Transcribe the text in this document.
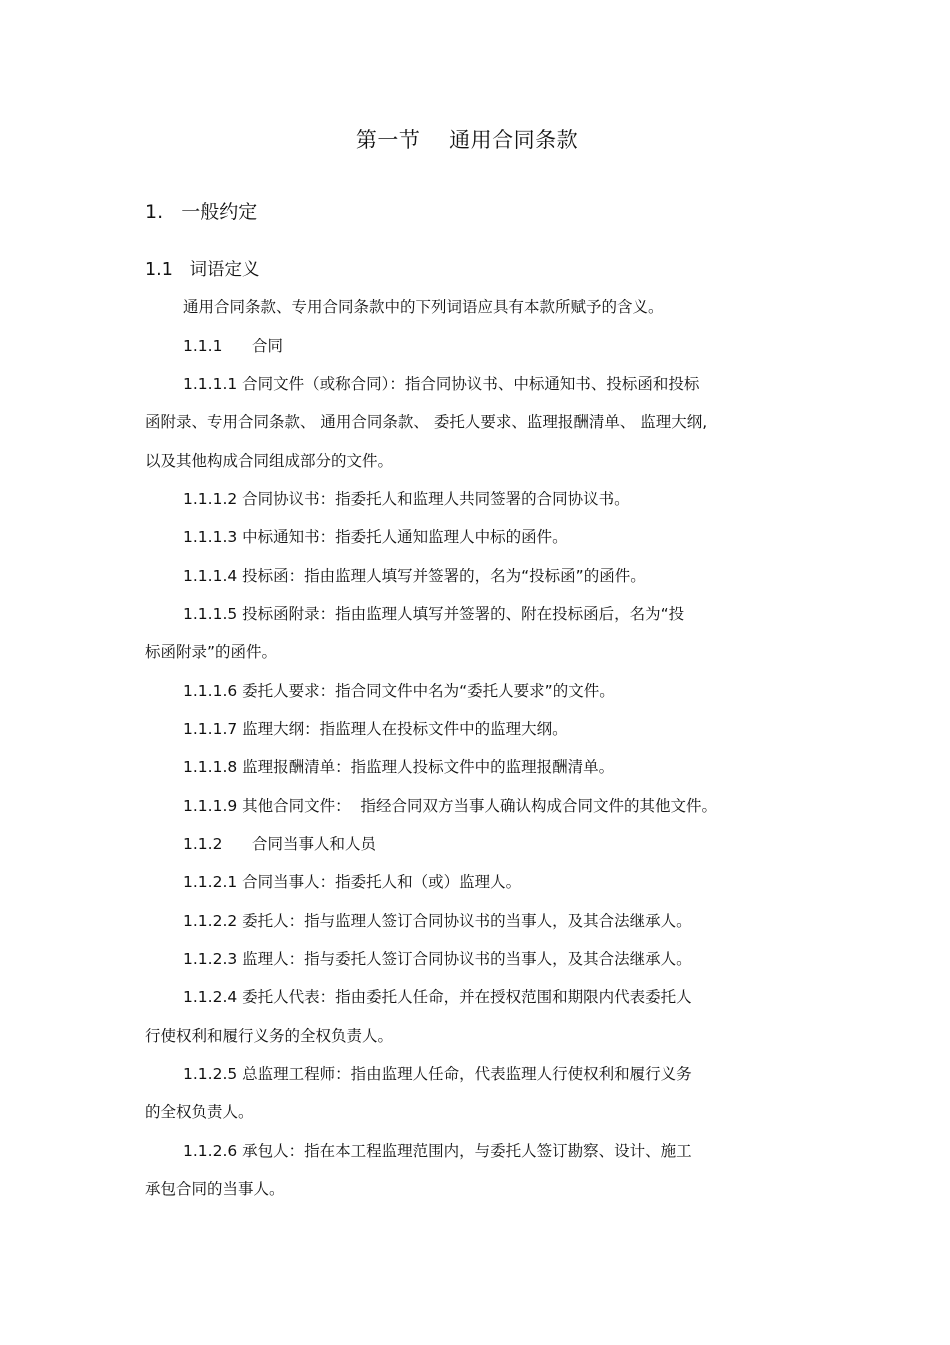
第一节    通用合同条款
1.   一般约定
1.1   词语定义
通用合同条款、专用合同条款中的下列词语应具有本款所赋予的含义。
1.1.1      合同
1.1.1.1 合同文件（或称合同）：指合同协议书、中标通知书、投标函和投标
函附录、专用合同条款、 通用合同条款、 委托人要求、监理报酬清单、 监理大纲,
以及其他构成合同组成部分的文件。
1.1.1.2 合同协议书：指委托人和监理人共同签署的合同协议书。
1.1.1.3 中标通知书：指委托人通知监理人中标的函件。
1.1.1.4 投标函：指由监理人填写并签署的，名为“投标函”的函件。
1.1.1.5 投标函附录：指由监理人填写并签署的、附在投标函后，名为“投
标函附录”的函件。
1.1.1.6 委托人要求：指合同文件中名为“委托人要求”的文件。
1.1.1.7 监理大纲：指监理人在投标文件中的监理大纲。
1.1.1.8 监理报酬清单：指监理人投标文件中的监理报酬清单。
1.1.1.9 其他合同文件：  指经合同双方当事人确认构成合同文件的其他文件。
1.1.2      合同当事人和人员
1.1.2.1 合同当事人：指委托人和（或）监理人。
1.1.2.2 委托人：指与监理人签订合同协议书的当事人，及其合法继承人。
1.1.2.3 监理人：指与委托人签订合同协议书的当事人，及其合法继承人。
1.1.2.4 委托人代表：指由委托人任命，并在授权范围和期限内代表委托人
行使权利和履行义务的全权负责人。
1.1.2.5 总监理工程师：指由监理人任命，代表监理人行使权利和履行义务
的全权负责人。
1.1.2.6 承包人：指在本工程监理范围内，与委托人签订勘察、设计、施工
承包合同的当事人。
